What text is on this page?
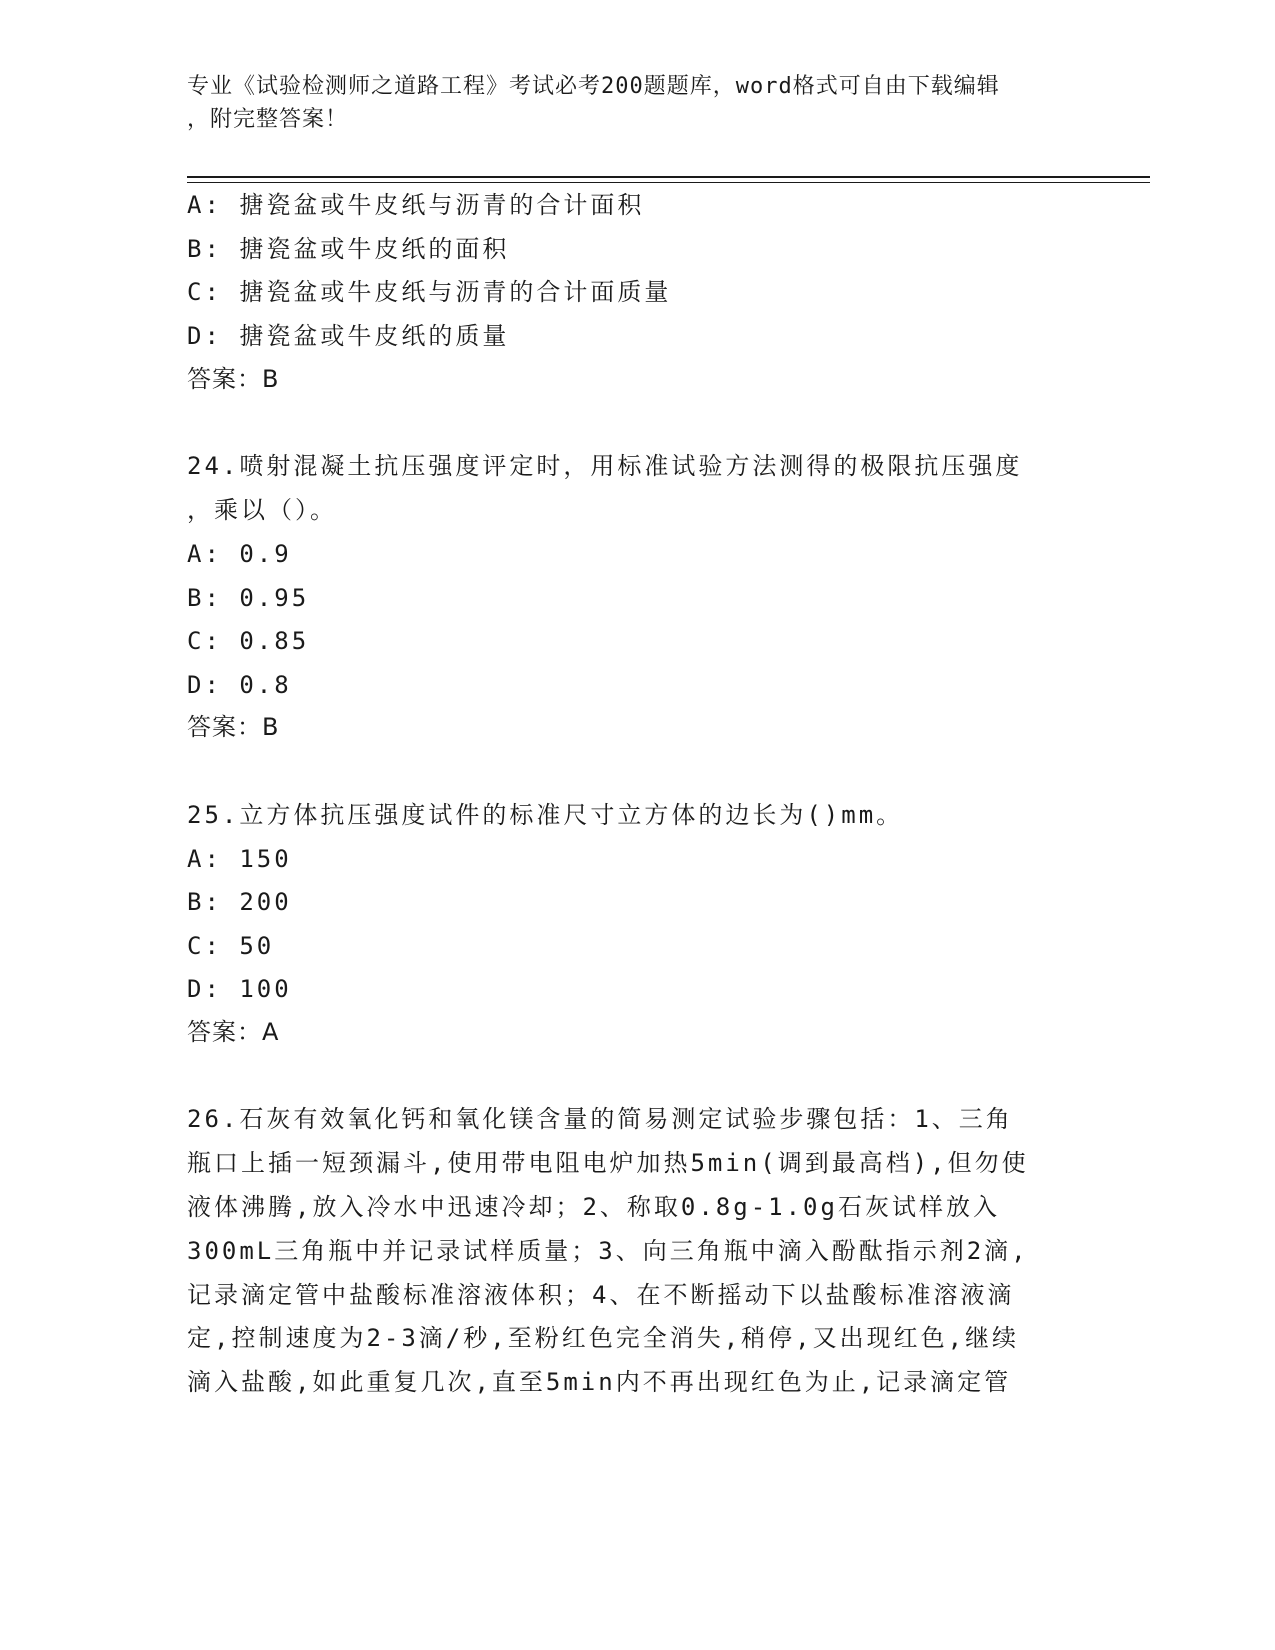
专业《试验检测师之道路工程》考试必考200题题库，word格式可自由下载编辑
，附完整答案！
A: 搪瓷盆或牛皮纸与沥青的合计面积
B: 搪瓷盆或牛皮纸的面积
C: 搪瓷盆或牛皮纸与沥青的合计面质量
D: 搪瓷盆或牛皮纸的质量
答案：B
24.喷射混凝土抗压强度评定时，用标准试验方法测得的极限抗压强度
，乘以（）。
A: 0.9
B: 0.95
C: 0.85
D: 0.8
答案：B
25.立方体抗压强度试件的标准尺寸立方体的边长为()mm。
A: 150
B: 200
C: 50
D: 100
答案：A
26.石灰有效氧化钙和氧化镁含量的简易测定试验步骤包括：1、三角
瓶口上插一短颈漏斗,使用带电阻电炉加热5min(调到最高档),但勿使
液体沸腾,放入冷水中迅速冷却；2、称取0.8g-1.0g石灰试样放入
300mL三角瓶中并记录试样质量；3、向三角瓶中滴入酚酞指示剂2滴,
记录滴定管中盐酸标准溶液体积；4、在不断摇动下以盐酸标准溶液滴
定,控制速度为2-3滴/秒,至粉红色完全消失,稍停,又出现红色,继续
滴入盐酸,如此重复几次,直至5min内不再出现红色为止,记录滴定管
